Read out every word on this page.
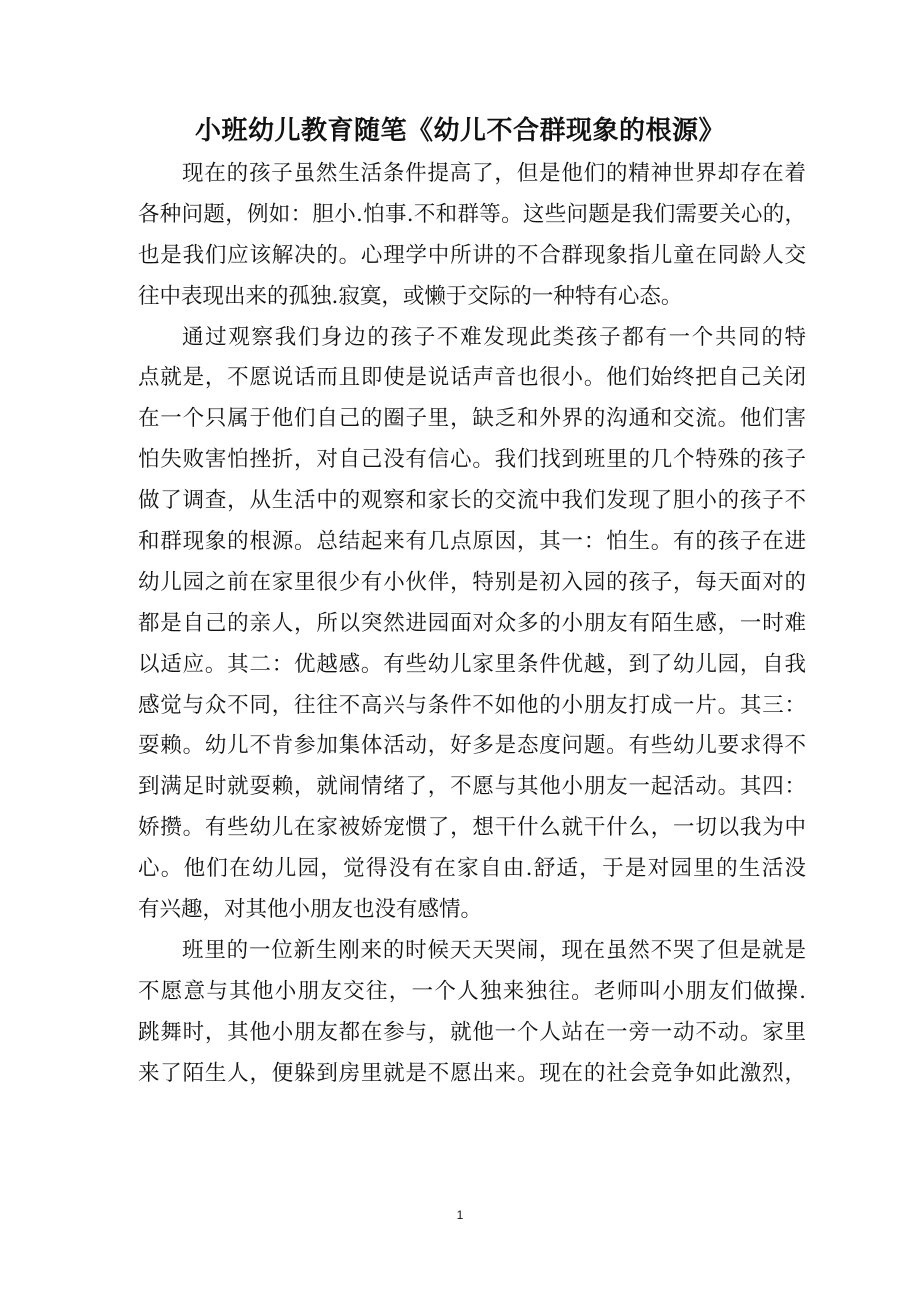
小班幼儿教育随笔《幼儿不合群现象的根源》
现在的孩子虽然生活条件提高了，但是他们的精神世界却存在着
各种问题，例如：胆小.怕事.不和群等。这些问题是我们需要关心的，
也是我们应该解决的。心理学中所讲的不合群现象指儿童在同龄人交
往中表现出来的孤独.寂寞，或懒于交际的一种特有心态。
通过观察我们身边的孩子不难发现此类孩子都有一个共同的特
点就是，不愿说话而且即使是说话声音也很小。他们始终把自己关闭
在一个只属于他们自己的圈子里，缺乏和外界的沟通和交流。他们害
怕失败害怕挫折，对自己没有信心。我们找到班里的几个特殊的孩子
做了调查，从生活中的观察和家长的交流中我们发现了胆小的孩子不
和群现象的根源。总结起来有几点原因，其一：怕生。有的孩子在进
幼儿园之前在家里很少有小伙伴，特别是初入园的孩子，每天面对的
都是自己的亲人，所以突然进园面对众多的小朋友有陌生感，一时难
以适应。其二：优越感。有些幼儿家里条件优越，到了幼儿园，自我
感觉与众不同，往往不高兴与条件不如他的小朋友打成一片。其三：
耍赖。幼儿不肯参加集体活动，好多是态度问题。有些幼儿要求得不
到满足时就耍赖，就闹情绪了，不愿与其他小朋友一起活动。其四：
娇攒。有些幼儿在家被娇宠惯了，想干什么就干什么，一切以我为中
心。他们在幼儿园，觉得没有在家自由.舒适，于是对园里的生活没
有兴趣，对其他小朋友也没有感情。
班里的一位新生刚来的时候天天哭闹，现在虽然不哭了但是就是
不愿意与其他小朋友交往，一个人独来独往。老师叫小朋友们做操.
跳舞时，其他小朋友都在参与，就他一个人站在一旁一动不动。家里
来了陌生人，便躲到房里就是不愿出来。现在的社会竞争如此激烈，
1
